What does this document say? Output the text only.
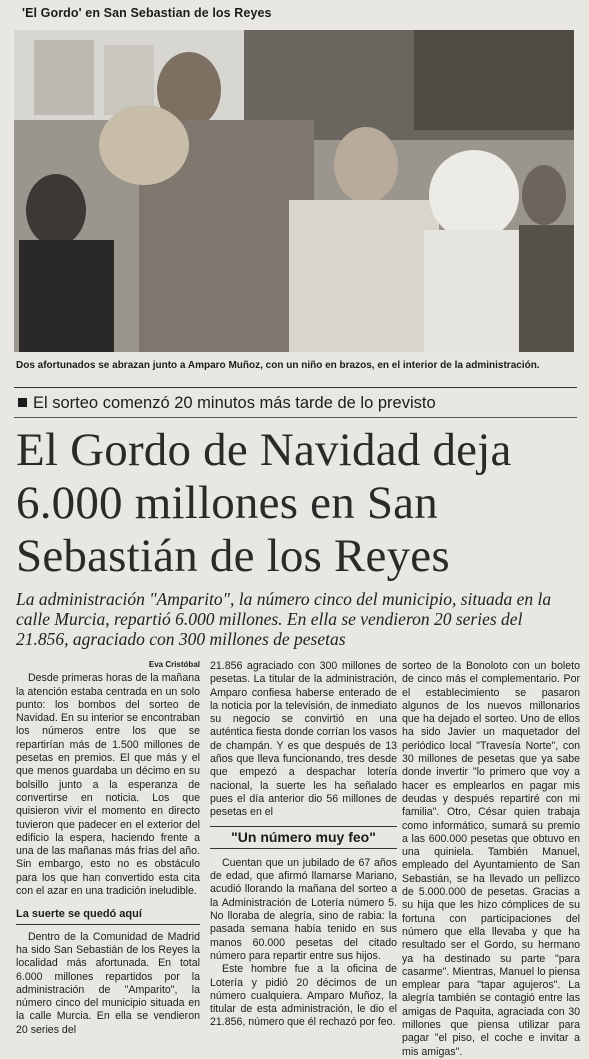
'El Gordo' en San Sebastian de los Reyes
Dos afortunados se abrazan junto a Amparo Muñoz, con un niño en brazos, en el interior de la administración.
El sorteo comenzó 20 minutos más tarde de lo previsto
El Gordo de Navidad deja
6.000 millones en San
Sebastián de los Reyes
La administración "Amparito", la número cinco del municipio, situada en la calle Murcia, repartió 6.000 millones. En ella se vendieron 20 series del 21.856, agraciado con 300 millones de pesetas
Eva Cristóbal

Desde primeras horas de la mañana la atención estaba centrada en un solo punto: los bombos del sorteo de Navidad. En su interior se encontraban los números entre los que se repartirían más de 1.500 millones de pesetas en premios. El que más y el que menos guardaba un décimo en su bolsillo junto a la esperanza de convertirse en noticia. Los que quisieron vivir el momento en directo tuvieron que padecer en el exterior del edificio la espera, haciendo frente a una de las mañanas más frías del año. Sin embargo, esto no es obstáculo para los que han convertido esta cita con el azar en una tradición ineludible.

La suerte se quedó aquí

Dentro de la Comunidad de Madrid ha sido San Sebastián de los Reyes la localidad más afortunada. En total 6.000 millones repartidos por la administración de "Amparito", la número cinco del municipio situada en la calle Murcia. En ella se vendieron 20 series del

21.856 agraciado con 300 millones de pesetas. La titular de la administración, Amparo confiesa haberse enterado de la noticia por la televisión, de inmediato su negocio se convirtió en una auténtica fiesta donde corrían los vasos de champán. Y es que después de 13 años que lleva funcionando, tres desde que empezó a despachar lotería nacional, la suerte les ha señalado pues el día anterior dio 56 millones de pesetas en el

"Un número muy feo"

Cuentan que un jubilado de 67 años de edad, que afirmó llamarse Mariano, acudió llorando la mañana del sorteo a la Administración de Lotería número 5. No lloraba de alegría, sino de rabia: la pasada semana había tenido en sus manos 60.000 pesetas del citado número para repartir entre sus hijos.

Este hombre fue a la oficina de Lotería y pidió 20 décimos de un número cualquiera. Amparo Muñoz, la titular de esta administración, le dio el 21.856, número que él rechazó por feo.

sorteo de la Bonoloto con un boleto de cinco más el complementario. Por el establecimiento se pasaron algunos de los nuevos millonarios que ha dejado el sorteo. Uno de ellos ha sido Javier un maquetador del periódico local "Travesía Norte", con 30 millones de pesetas que ya sabe donde invertir "lo primero que voy a hacer es emplearlos en pagar mis deudas y después repartiré con mi familia". Otro, César quien trabaja como informático, sumará su premio a las 600.000 pesetas que obtuvo en una quiniela. También Manuel, empleado del Ayuntamiento de San Sebastián, se ha llevado un pellizco de 5.000.000 de pesetas. Gracias a su hija que les hizo cómplices de su fortuna con participaciones del número que ella llevaba y que ha resultado ser el Gordo, su hermano ya ha destinado su parte "para casarme". Mientras, Manuel lo piensa emplear para "tapar agujeros". La alegría también se contagió entre las amigas de Paquita, agraciada con 30 millones que piensa utilizar para pagar "el piso, el coche e invitar a mis amigas".
